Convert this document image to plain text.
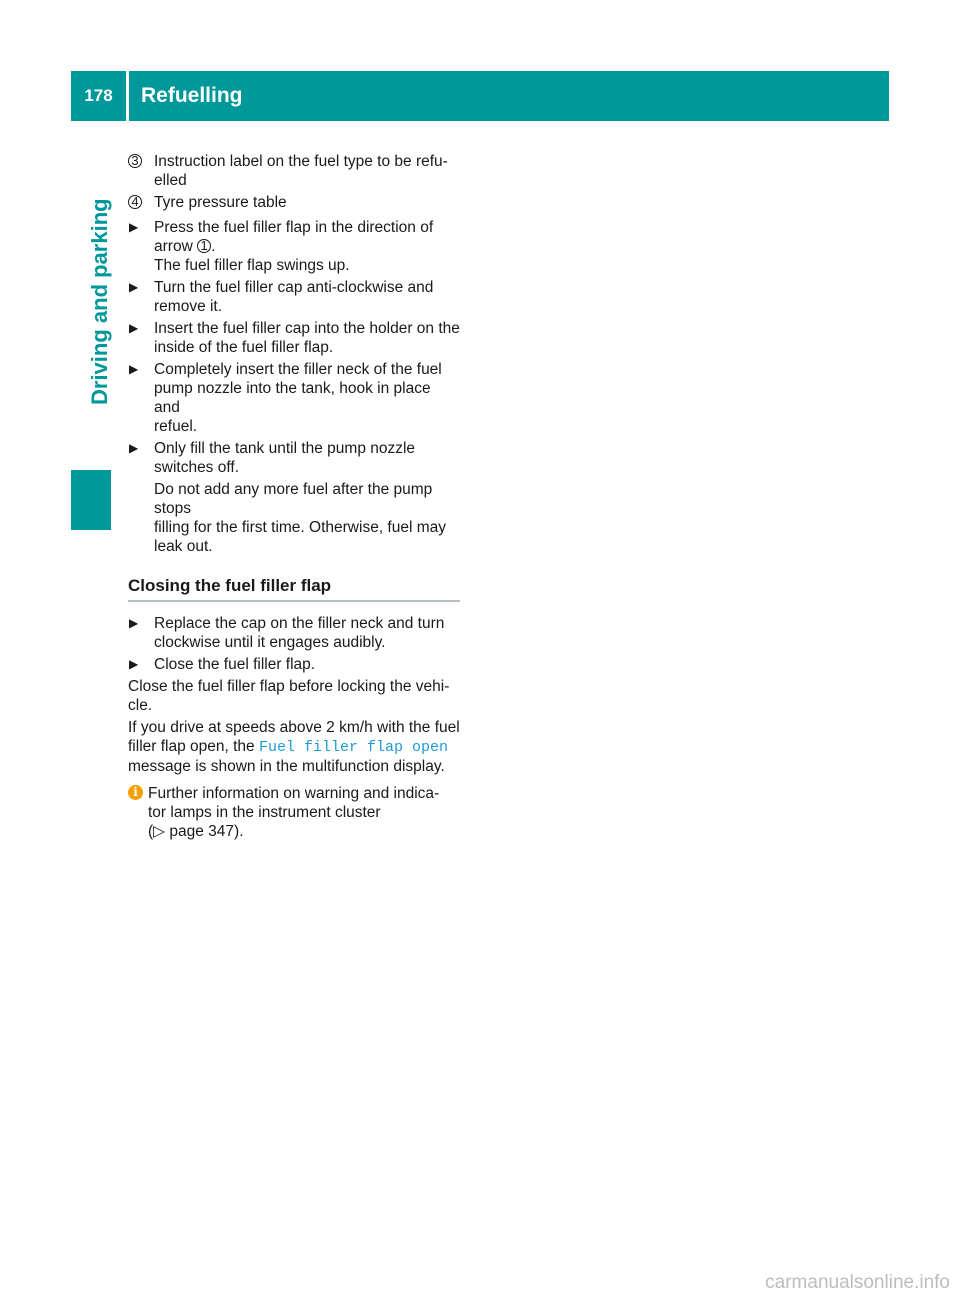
178	Refuelling
Driving and parking
3 Instruction label on the fuel type to be refu-
elled
4 Tyre pressure table
▶	Press the fuel filler flap in the direction of
arrow 1 .
The fuel filler flap swings up.
▶	Turn the fuel filler cap anti-clockwise and
remove it.
▶	Insert the fuel filler cap into the holder on the
inside of the fuel filler flap.
▶	Completely insert the filler neck of the fuel
pump nozzle into the tank, hook in place and
refuel.
▶	Only fill the tank until the pump nozzle
switches off.
Do not add any more fuel after the pump stops
filling for the first time. Otherwise, fuel may
leak out.
Closing the fuel filler flap
▶	Replace the cap on the filler neck and turn
clockwise until it engages audibly.
▶	Close the fuel filler flap.

Close the fuel filler flap before locking the vehi-
cle.

If you drive at speeds above 2 km/h with the fuel
filler flap open, the Fuel filler flap open
message is shown in the multifunction display.

i Further information on warning and indica-
tor lamps in the instrument cluster
(▷ page 347).
carmanualsonline.info
